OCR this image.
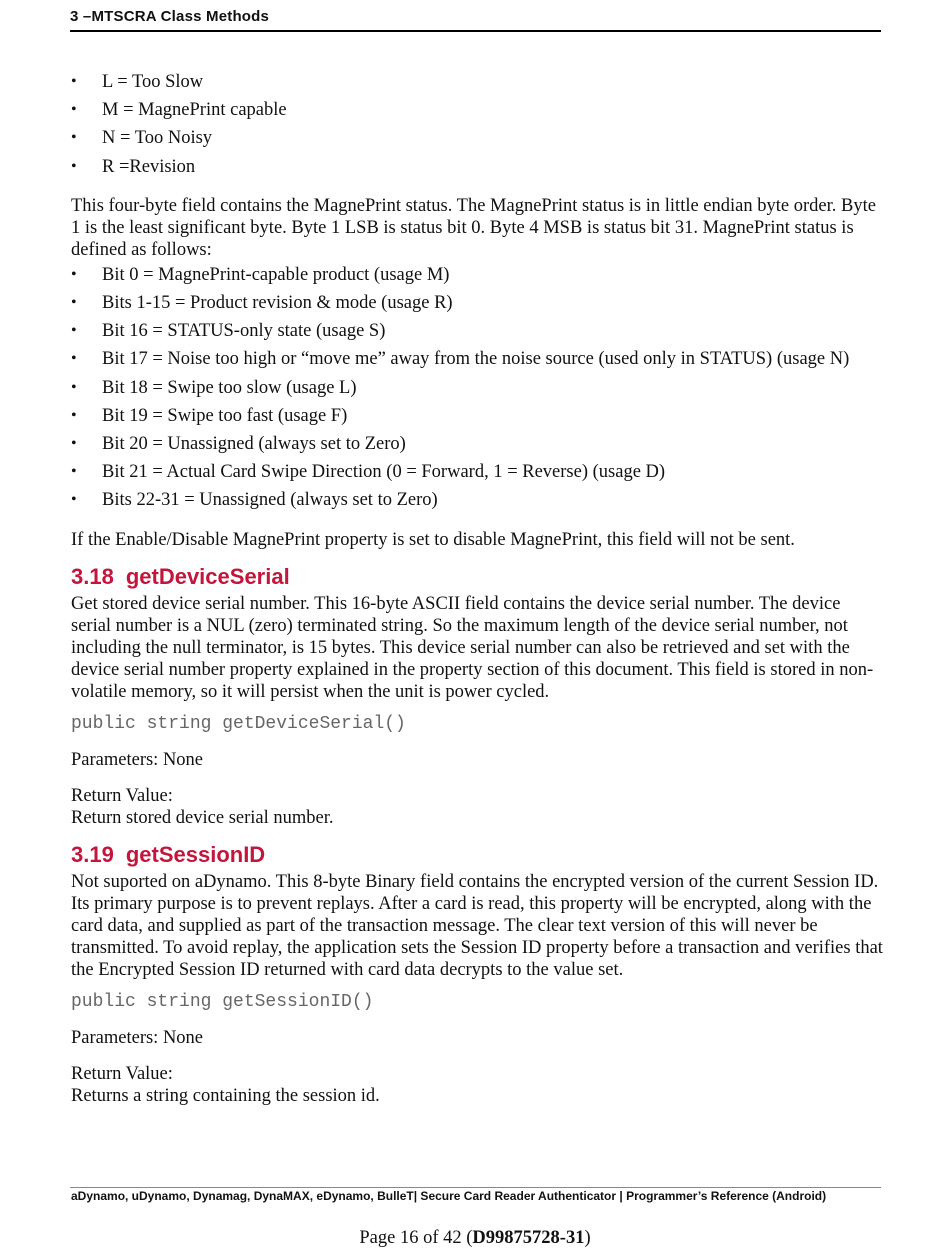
3 –MTSCRA Class Methods
• L = Too Slow
• M = MagnePrint capable
• N = Too Noisy
• R =Revision

This four-byte field contains the MagnePrint status. The MagnePrint status is in little endian byte order. Byte 1 is the least significant byte. Byte 1 LSB is status bit 0. Byte 4 MSB is status bit 31. MagnePrint status is defined as follows:

• Bit 0 = MagnePrint-capable product (usage M)
• Bits 1-15 = Product revision & mode (usage R)
• Bit 16 = STATUS-only state (usage S)
• Bit 17 = Noise too high or “move me” away from the noise source (used only in STATUS) (usage N)
• Bit 18 = Swipe too slow (usage L)
• Bit 19 = Swipe too fast (usage F)
• Bit 20 = Unassigned (always set to Zero)
• Bit 21 = Actual Card Swipe Direction (0 = Forward, 1 = Reverse) (usage D)
• Bits 22-31 = Unassigned (always set to Zero)

If the Enable/Disable MagnePrint property is set to disable MagnePrint, this field will not be sent.

3.18 getDeviceSerial

Get stored device serial number. This 16-byte ASCII field contains the device serial number. The device serial number is a NUL (zero) terminated string. So the maximum length of the device serial number, not including the null terminator, is 15 bytes. This device serial number can also be retrieved and set with the device serial number property explained in the property section of this document. This field is stored in non-volatile memory, so it will persist when the unit is power cycled.

public string getDeviceSerial()

Parameters: None

Return Value:

Return stored device serial number.

3.19 getSessionID

Not suported on aDynamo. This 8-byte Binary field contains the encrypted version of the current Session ID. Its primary purpose is to prevent replays. After a card is read, this property will be encrypted, along with the card data, and supplied as part of the transaction message. The clear text version of this will never be transmitted. To avoid replay, the application sets the Session ID property before a transaction and verifies that the Encrypted Session ID returned with card data decrypts to the value set.

public string getSessionID()

Parameters: None

Return Value:

Returns a string containing the session id.

aDynamo, uDynamo, Dynamag, DynaMAX, eDynamo, BulleT| Secure Card Reader Authenticator | Programmer’s Reference (Android)
Page 16 of 42 (D99875728-31)
